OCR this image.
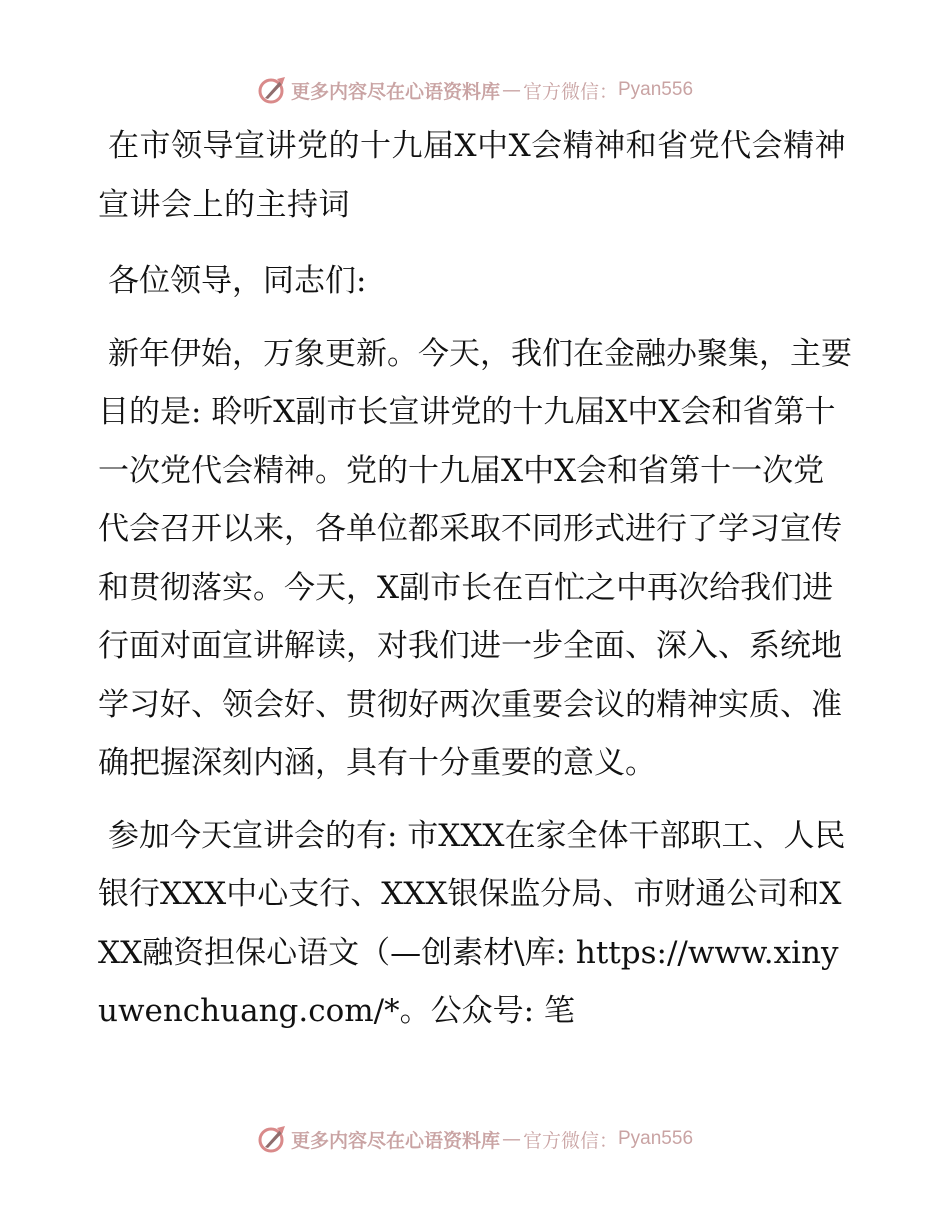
更多内容尽在心语资料库 — 官方微信： Pyan556

在市领导宣讲党的十九届X中X会精神和省党代会精神宣讲会上的主持词

各位领导，同志们:

新年伊始，万象更新。今天，我们在金融办聚集，主要目的是: 聆听X副市长宣讲党的十九届X中X会和省第十一次党代会精神。党的十九届X中X会和省第十一次党代会召开以来，各单位都采取不同形式进行了学习宣传和贯彻落实。今天，X副市长在百忙之中再次给我们进行面对面宣讲解读，对我们进一步全面、深入、系统地学习好、领会好、贯彻好两次重要会议的精神实质、准确把握深刻内涵，具有十分重要的意义。

参加今天宣讲会的有: 市XXX在家全体干部职工、人民银行XXX中心支行、XXX银保监分局、市财通公司和XXX融资担保心语文（—创素材\库: https://www.xinyuwenchuang.com/*。公众号: 笔

更多内容尽在心语资料库 — 官方微信： Pyan556
